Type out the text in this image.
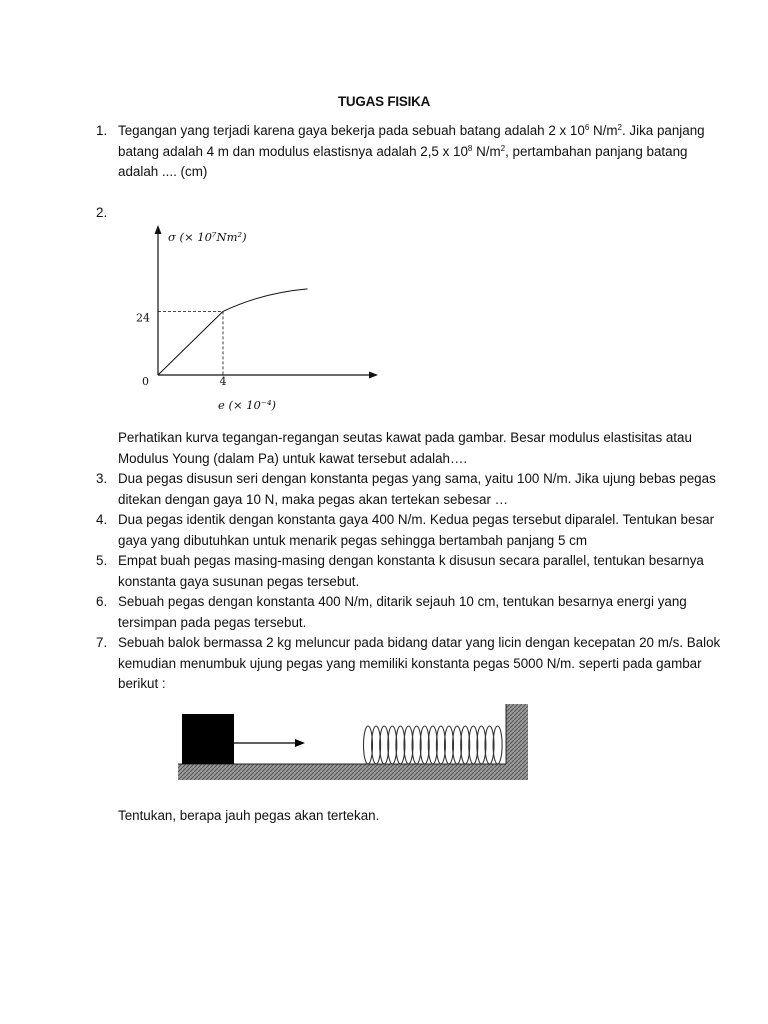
TUGAS FISIKA
1. Tegangan yang terjadi karena gaya bekerja pada sebuah batang adalah 2 x $10^6$ $N/m^2$. Jika panjang
batang adalah 4 m dan modulus elastisnya adalah 2,5 x $10^8$ $N/m^2$, pertambahan panjang batang
adalah .... (cm)
2.
σ (× 10⁷Nm²)
e (× 10⁻⁴)
0	4
24
Perhatikan kurva tegangan-regangan seutas kawat pada gambar. Besar modulus elastisitas atau
Modulus Young (dalam Pa) untuk kawat tersebut adalah….
3. Dua pegas disusun seri dengan konstanta pegas yang sama, yaitu 100 N/m. Jika ujung bebas pegas
ditekan dengan gaya 10 N, maka pegas akan tertekan sebesar …
4. Dua pegas identik dengan konstanta gaya 400 N/m. Kedua pegas tersebut diparalel. Tentukan besar
gaya yang dibutuhkan untuk menarik pegas sehingga bertambah panjang 5 cm
5. Empat buah pegas masing-masing dengan konstanta k disusun secara parallel, tentukan besarnya
konstanta gaya susunan pegas tersebut.
6. Sebuah pegas dengan konstanta 400 N/m, ditarik sejauh 10 cm, tentukan besarnya energi yang
tersimpan pada pegas tersebut.
7. Sebuah balok bermassa 2 kg meluncur pada bidang datar yang licin dengan kecepatan 20 m/s. Balok
kemudian menumbuk ujung pegas yang memiliki konstanta pegas 5000 N/m. seperti pada gambar
berikut :
Tentukan, berapa jauh pegas akan tertekan.
